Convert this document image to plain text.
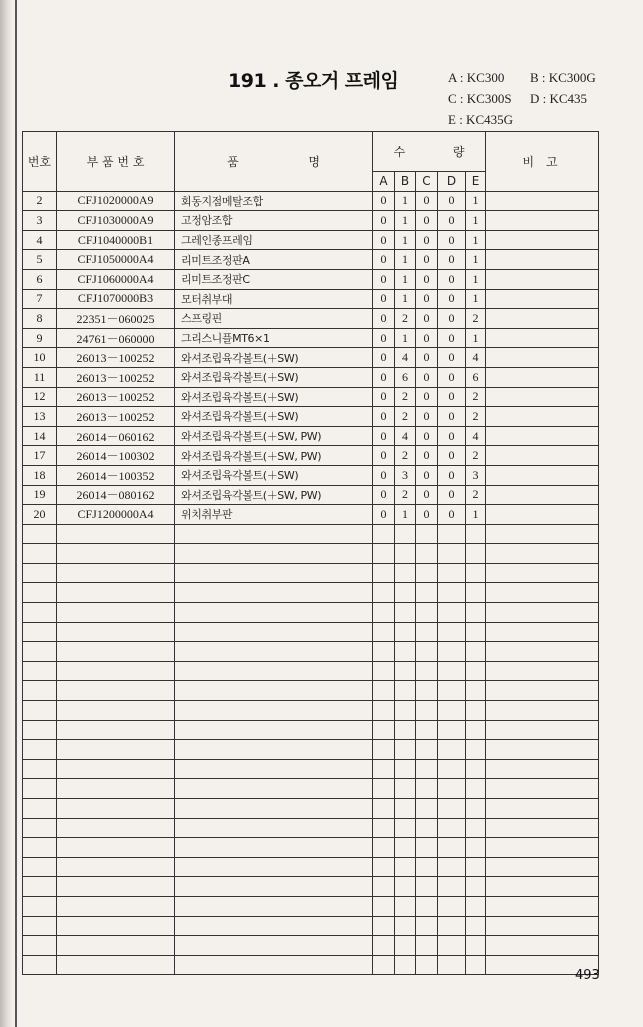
191 . 종오거 프레임	A : KC300	B : KC300G
C : KC300S	D : KC435
E : KC435G
번호	부 품 번 호	품 명	수 량					비 고
			A	B	C	D	E	
2	CFJ1020000A9	회동지점메탈조합	0	1	0	0	1	
3	CFJ1030000A9	고정암조합	0	1	0	0	1	
4	CFJ1040000B1	그레인종프레임	0	1	0	0	1	
5	CFJ1050000A4	리미트조정판A	0	1	0	0	1	
6	CFJ1060000A4	리미트조정판C	0	1	0	0	1	
7	CFJ1070000B3	모터취부대	0	1	0	0	1	
8	22351－060025	스프링핀	0	2	0	0	2	
9	24761－060000	그리스니플MT6×1	0	1	0	0	1	
10	26013－100252	와셔조립육각볼트(＋SW)	0	4	0	0	4	
11	26013－100252	와셔조립육각볼트(＋SW)	0	6	0	0	6	
12	26013－100252	와셔조립육각볼트(＋SW)	0	2	0	0	2	
13	26013－100252	와셔조립육각볼트(＋SW)	0	2	0	0	2	
14	26014－060162	와셔조립육각볼트(＋SW, PW)	0	4	0	0	4	
17	26014－100302	와셔조립육각볼트(＋SW, PW)	0	2	0	0	2	
18	26014－100352	와셔조립육각볼트(＋SW)	0	3	0	0	3	
19	26014－080162	와셔조립육각볼트(＋SW, PW)	0	2	0	0	2	
20	CFJ1200000A4	위치취부판	0	1	0	0	1	

493
